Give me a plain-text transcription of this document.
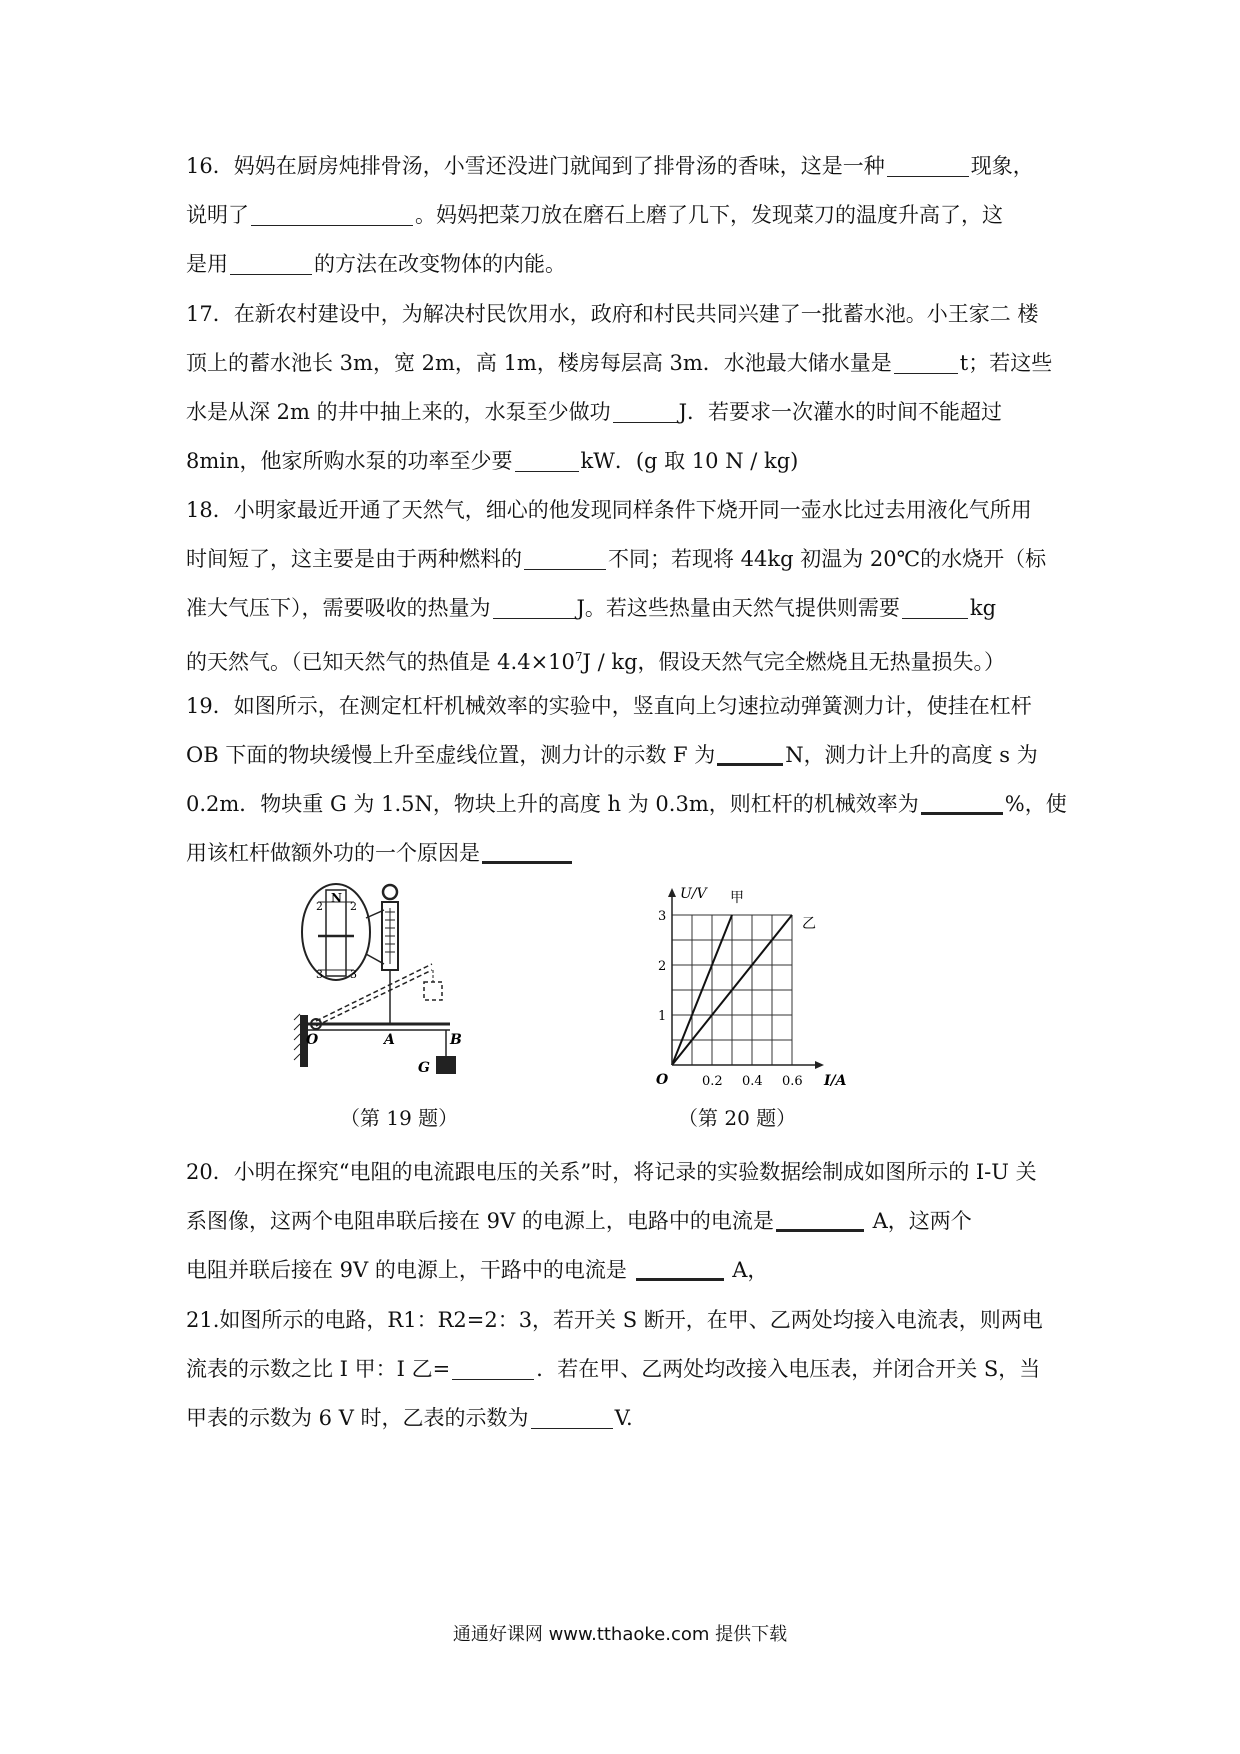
16．妈妈在厨房炖排骨汤，小雪还没进门就闻到了排骨汤的香味，这是一种	现象，

说明了	。妈妈把菜刀放在磨石上磨了几下，发现菜刀的温度升高了，这

是用	的方法在改变物体的内能。

17．在新农村建设中，为解决村民饮用水，政府和村民共同兴建了一批蓄水池。小王家二 楼

顶上的蓄水池长 3m，宽 2m，高 1m，楼房每层高 3m．水池最大储水量是	t；若这些

水是从深 2m 的井中抽上来的，水泵至少做功	J．若要求一次灌水的时间不能超过

8min，他家所购水泵的功率至少要	kW．(g 取 10 N / kg)

18．小明家最近开通了天然气，细心的他发现同样条件下烧开同一壶水比过去用液化气所用

时间短了，这主要是由于两种燃料的	不同；若现将 44kg 初温为 20℃的水烧开（标

准大气压下），需要吸收的热量为	J。若这些热量由天然气提供则需要	kg

的天然气。（已知天然气的热值是 $4.4\times 10^7J$ / kg，假设天然气完全燃烧且无热量损失。）

19．如图所示，在测定杠杆机械效率的实验中，竖直向上匀速拉动弹簧测力计，使挂在杠杆

OB 下面的物块缓慢上升至虚线位置，测力计的示数 F 为	N，测力计上升的高度 s 为

0.2m．物块重 G 为 1.5N，物块上升的高度 h 为 0.3m，则杠杆的机械效率为	%，使

用该杠杆做额外功的一个原因是

2 2
3 3
N
O	A	B
G
（第 19 题）
0.2 0.4 0.6
1
2
3
U/V
I/A
O
甲
乙
（第 20 题）

20．小明在探究“电阻的电流跟电压的关系”时，将记录的实验数据绘制成如图所示的 I-U 关

系图像，这两个电阻串联后接在 9V 的电源上，电路中的电流是	A，这两个

电阻并联后接在 9V 的电源上，干路中的电流是	A，

21.如图所示的电路，R1：R2=2：3，若开关 S 断开，在甲、乙两处均接入电流表，则两电

流表的示数之比 I 甲：I 乙=	．若在甲、乙两处均改接入电压表，并闭合开关 S，当

甲表的示数为 6 V 时，乙表的示数为	V.

通通好课网 www.tthaoke.com 提供下载
